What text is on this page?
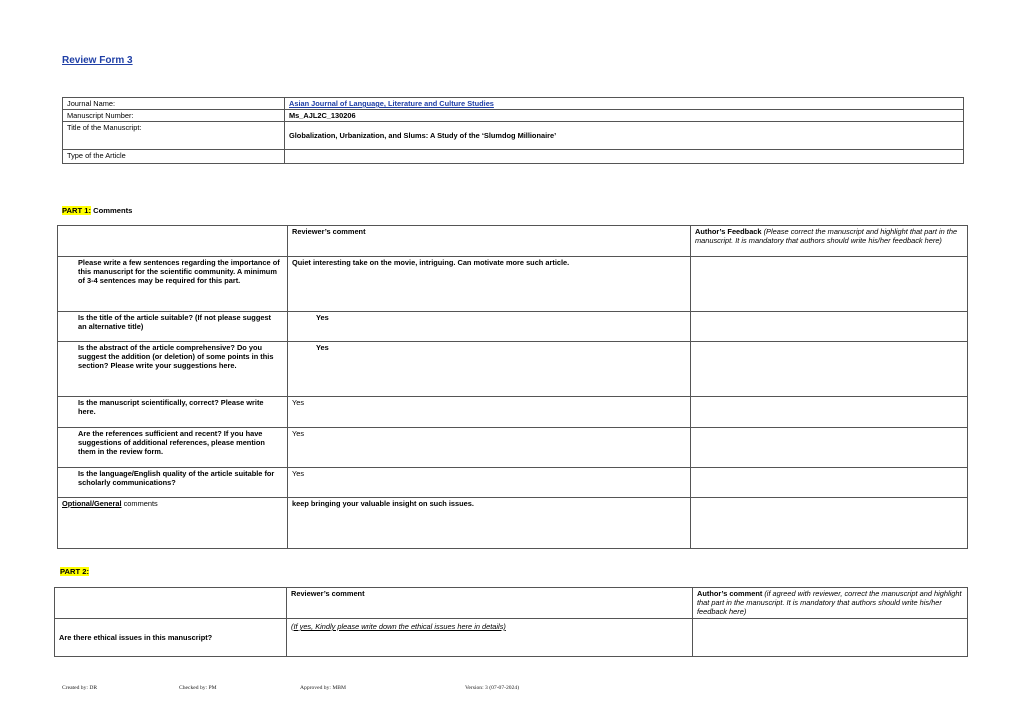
Review Form 3
Journal Name:	Asian Journal of Language, Literature and Culture Studies
Manuscript Number:	Ms_AJL2C_130206
Title of the Manuscript:	Globalization, Urbanization, and Slums: A Study of the ‘Slumdog Millionaire’
Type of the Article	
PART 1: Comments
	Reviewer’s comment	Author’s Feedback (Please correct the manuscript and highlight that part in the manuscript. It is mandatory that authors should write his/her feedback here)
Please write a few sentences regarding the importance of this manuscript for the scientific community. A minimum of 3-4 sentences may be required for this part.	Quiet interesting take on the movie, intriguing. Can motivate more such article.	
Is the title of the article suitable? (If not please suggest an alternative title)	Yes	
Is the abstract of the article comprehensive? Do you suggest the addition (or deletion) of some points in this section? Please write your suggestions here.	Yes	
Is the manuscript scientifically, correct? Please write here.	Yes	
Are the references sufficient and recent? If you have suggestions of additional references, please mention them in the review form.	Yes	
Is the language/English quality of the article suitable for scholarly communications?	Yes	
Optional/General comments	keep bringing your valuable insight on such issues.	
PART 2:
	Reviewer’s comment	Author’s comment (if agreed with reviewer, correct the manuscript and highlight that part in the manuscript. It is mandatory that authors should write his/her feedback here)
Are there ethical issues in this manuscript?	(If yes, Kindly please write down the ethical issues here in details)	
Created by: DR	Checked by: PM	Approved by: MBM	Version: 3 (07-07-2024)
